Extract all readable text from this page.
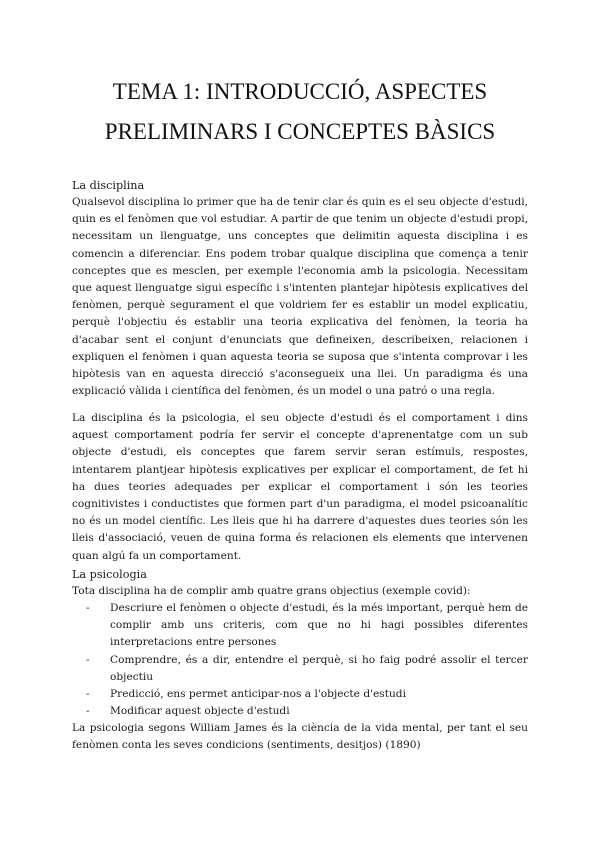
TEMA 1: INTRODUCCIÓ, ASPECTES
PRELIMINARS I CONCEPTES BÀSICS
La disciplina
Qualsevol disciplina lo primer que ha de tenir clar és quin es el seu objecte d'estudi, quin es el fenòmen que vol estudiar. A partir de que tenim un objecte d'estudi propi, necessitam un llenguatge, uns conceptes que delimitin aquesta disciplina i es comencin a diferenciar. Ens podem trobar qualque disciplina que comença a tenir conceptes que es mesclen, per exemple l'economia amb la psicologia. Necessitam que aquest llenguatge sigui específic i s'intenten plantejar hipòtesis explicatives del fenòmen, perquè segurament el que voldriem fer es establir un model explicatiu, perquè l'objectiu és establir una teoria explicativa del fenòmen, la teoria ha d'acabar sent el conjunt d'enunciats que defineixen, describeixen, relacionen i expliquen el fenòmen i quan aquesta teoria se suposa que s'intenta comprovar i les hipòtesis van en aquesta direcció s'aconsegueix una llei. Un paradigma és una explicació vàlida i científica del fenòmen, és un model o una patró o una regla.
La disciplina és la psicologia, el seu objecte d'estudi és el comportament i dins aquest comportament podría fer servir el concepte d'aprenentatge com un sub objecte d'estudi, els conceptes que farem servir seran estímuls, respostes, intentarem plantjear hipòtesis explicatives per explicar el comportament, de fet hi ha dues teories adequades per explicar el comportament i són les teories cognitivistes i conductistes que formen part d'un paradigma, el model psicoanalític no és un model científic. Les lleis que hi ha darrere d'aquestes dues teories són les lleis d'associació, veuen de quina forma és relacionen els elements que intervenen quan algú fa un comportament.
La psicologia
Tota disciplina ha de complir amb quatre grans objectius (exemple covid):
- Descriure el fenòmen o objecte d'estudi, és la més important, perquè hem de complir amb uns criteris, com que no hi hagi possibles diferentes interpretacions entre persones
- Comprendre, és a dir, entendre el perquè, si ho faig podré assolir el tercer objectiu
- Predicció, ens permet anticipar-nos a l'objecte d'estudi
- Modificar aquest objecte d'estudi
La psicologia segons William James és la ciència de la vida mental, per tant el seu fenòmen conta les seves condicions (sentiments, desitjos) (1890)
